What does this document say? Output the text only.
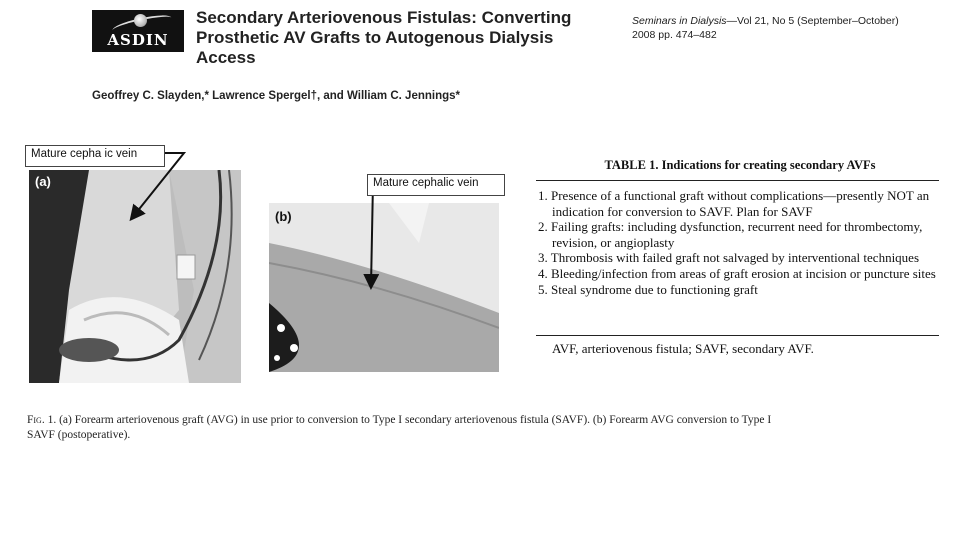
ASDIN
Secondary Arteriovenous Fistulas: Converting Prosthetic AV Grafts to Autogenous Dialysis Access
Seminars in Dialysis—Vol 21, No 5 (September–October)
2008 pp. 474–482
Geoffrey C. Slayden,* Lawrence Spergel†, and William C. Jennings*
(a)
(b)
Mature cepha ic vein
Mature cephalic vein
TABLE 1. Indications for creating secondary AVFs
1. Presence of a functional graft without complications—presently NOT an indication for conversion to SAVF. Plan for SAVF
2. Failing grafts: including dysfunction, recurrent need for thrombectomy, revision, or angioplasty
3. Thrombosis with failed graft not salvaged by interventional techniques
4. Bleeding/infection from areas of graft erosion at incision or puncture sites
5. Steal syndrome due to functioning graft
AVF, arteriovenous fistula; SAVF, secondary AVF.
Fig. 1. (a) Forearm arteriovenous graft (AVG) in use prior to conversion to Type I secondary arteriovenous fistula (SAVF). (b) Forearm AVG conversion to Type I SAVF (postoperative).
